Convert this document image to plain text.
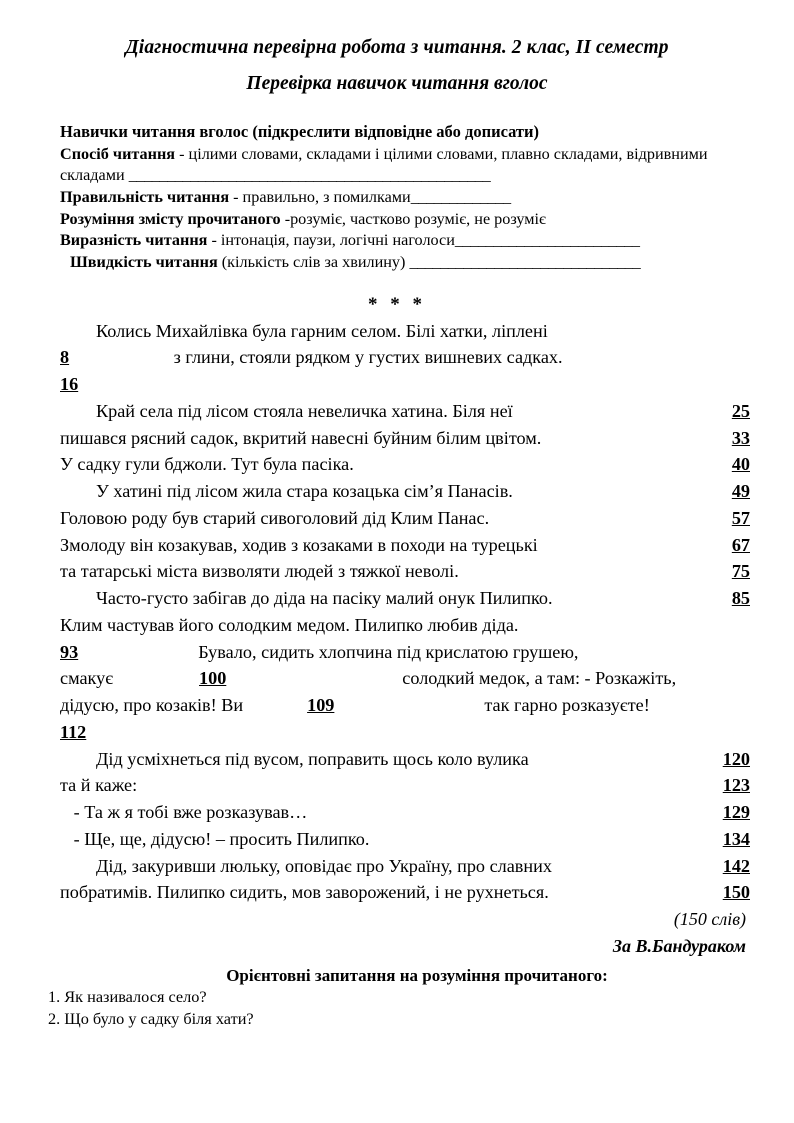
Діагностична перевірна робота з читання. 2 клас, ІІ семестр
Перевірка навичок читання вголос
Навички читання вголос (підкреслити відповідне або дописати)
Спосіб читання - цілими словами, складами і цілими словами, плавно складами, відривними складами _______________________________________________
Правильність читання - правильно, з помилками_____________
Розуміння змісту прочитаного -розуміє, частково розуміє, не розуміє
Виразність читання - інтонація, паузи, логічні наголоси________________________
Швидкість читання (кількість слів за хвилину) ______________________________
* * *
Колись Михайлівка була гарним селом. Білі хатки, ліплені
8                       з глини, стояли рядком у густих вишневих садках.
16
Край села під лісом стояла невеличка хатина. Біля неї	25
пишався рясний садок, вкритий навесні буйним білим цвітом.	33
У садку гули бджоли. Тут була пасіка.	40
У хатині під лісом жила стара козацька сім’я Панасів.	49
Головою роду був старий сивоголовий дід Клим Панас.	57
Змолоду він козакував, ходив з козаками в походи на турецькі	67
та татарські міста визволяти людей з тяжкої неволі.	75
Часто-густо забігав до діда на пасіку малий онук Пилипко.	85
Клим частував його солодким медом. Пилипко любив діда.
93	Бувало, сидить хлопчина під крислатою грушею,
смакує	100	солодкий медок, а там: - Розкажіть,
дідусю, про козаків! Ви	109	так гарно розказуєте!
112
Дід усміхнеться під вусом, поправить щось коло вулика	120
та й каже:	123
- Та ж я тобі вже розказував…	129
- Ще, ще, дідусю! – просить Пилипко.	134
Дід, закуривши люльку, оповідає про Україну, про славних	142
побратимів. Пилипко сидить, мов заворожений, і не рухнеться.	150
(150 слів)
За В.Бандураком
Орієнтовні запитання на розуміння прочитаного:
1. Як називалося село?
2. Що було у садку біля хати?
